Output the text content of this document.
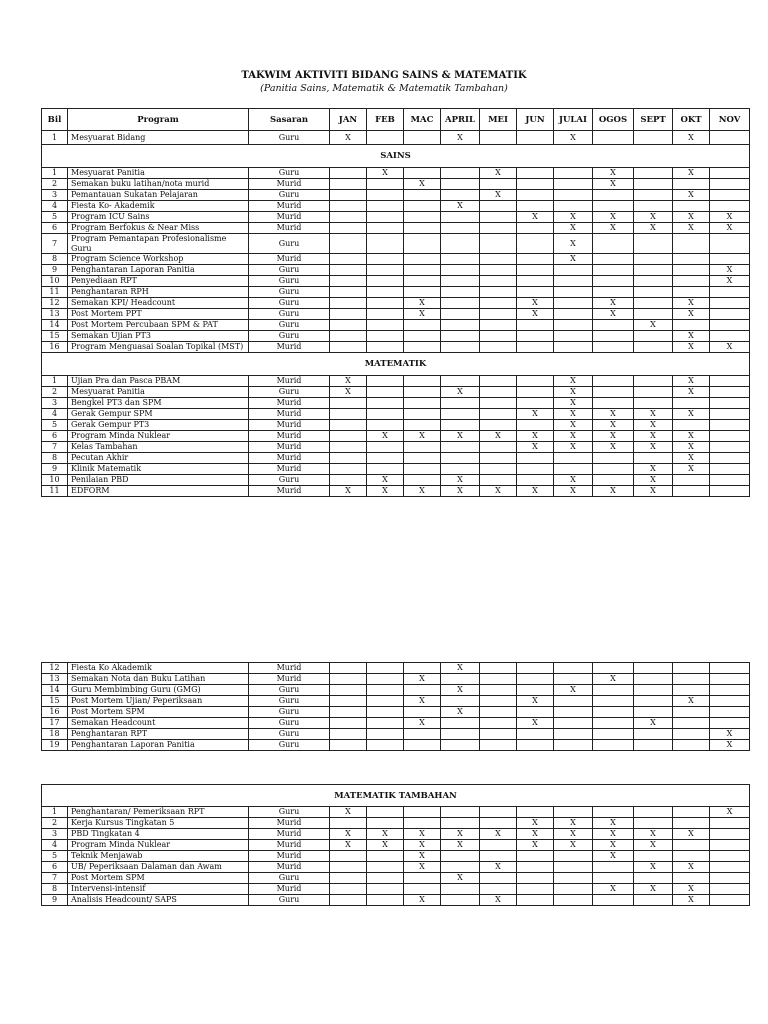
TAKWIM AKTIVITI BIDANG SAINS & MATEMATIK
(Panitia Sains, Matematik & Matematik Tambahan)
Bil	Program	Sasaran	JAN	FEB	MAC	APRIL	MEI	JUN	JULAI	OGOS	SEPT	OKT	NOV
1	Mesyuarat Bidang	Guru	X			X			X			X	
SAINS													
1	Mesyuarat Panitia	Guru		X			X			X		X	
2	Semakan buku latihan/nota murid	Murid			X					X			
3	Pemantauan Sukatan Pelajaran	Guru					X					X	
4	Fiesta Ko- Akademik	Murid				X							
5	Program ICU Sains	Murid						X	X	X	X	X	X
6	Program Berfokus & Near Miss	Murid							X	X	X	X	X
7	Program Pemantapan Profesionalisme Guru	Guru							X				
8	Program Science Workshop	Murid							X				
9	Penghantaran Laporan Panitia	Guru											X
10	Penyediaan RPT	Guru											X
11	Penghantaran RPH	Guru											
12	Semakan KPI/ Headcount	Guru			X			X		X		X	
13	Post Mortem PPT	Guru			X			X		X		X	
14	Post Mortem Percubaan SPM & PAT	Guru									X		
15	Semakan Ujian PT3	Guru										X	
16	Program Menguasai Soalan Topikal (MST)	Murid										X	X
MATEMATIK													
1	Ujian Pra dan Pasca PBAM	Murid	X						X			X	
2	Mesyuarat Panitia	Guru	X			X			X			X	
3	Bengkel PT3 dan SPM	Murid							X				
4	Gerak Gempur SPM	Murid						X	X	X	X	X	
5	Gerak Gempur PT3	Murid							X	X	X		
6	Program Minda Nuklear	Murid		X	X	X	X	X	X	X	X	X	
7	Kelas Tambahan	Murid						X	X	X	X	X	
8	Pecutan Akhir	Murid										X	
9	Klinik Matematik	Murid									X	X	
10	Penilaian PBD	Guru		X		X			X		X		
11	EDFORM	Murid	X	X	X	X	X	X	X	X	X		
12	Fiesta Ko Akademik	Murid				X							
13	Semakan Nota dan Buku Latihan	Murid			X					X			
14	Guru Membimbing Guru (GMG)	Guru				X			X				
15	Post Mortem Ujian/ Peperiksaan	Guru			X			X				X	
16	Post Mortem SPM	Guru				X							
17	Semakan Headcount	Guru			X			X			X		
18	Penghantaran RPT	Guru											X
19	Penghantaran Laporan Panitia	Guru											X
MATEMATIK TAMBAHAN													
1	Penghantaran/ Pemeriksaan RPT	Guru	X										X
2	Kerja Kursus Tingkatan 5	Murid						X	X	X			
3	PBD Tingkatan 4	Murid	X	X	X	X	X	X	X	X	X	X	
4	Program Minda Nuklear	Murid	X	X	X	X		X	X	X	X		
5	Teknik Menjawab	Murid			X					X			
6	UB/ Peperiksaan Dalaman dan Awam	Murid			X		X				X	X	
7	Post Mortem SPM	Guru				X							
8	Intervensi-intensif	Murid								X	X	X	
9	Analisis Headcount/ SAPS	Guru			X		X					X	
